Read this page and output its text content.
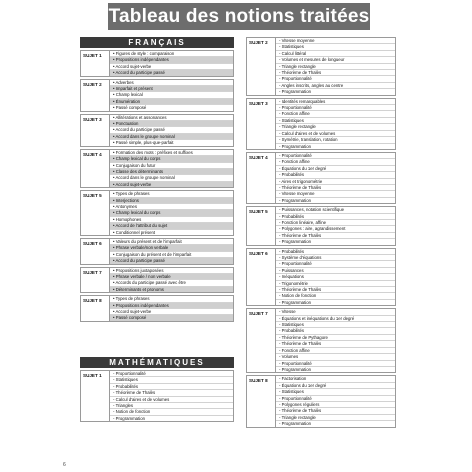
Tableau des notions traitées
FRANÇAIS
SUJET 1	• Figures de style : comparaison
• Propositions indépendantes
• Accord sujet-verbe
• Accord du participe passé
SUJET 2	• Adverbes
• Imparfait et présent
• Champ lexical
• Énumération
• Passé composé
SUJET 3	• Allitérations et assonances
• Ponctuation
• Accord du participe passé
• Accord dans le groupe nominal
• Passé simple, plus-que-parfait
SUJET 4	• Formation des mots : préfixes et suffixes
• Champ lexical du corps
• Conjugaison du futur
• Classe des déterminants
• Accord dans le groupe nominal
• Accord sujet-verbe
SUJET 5	• Types de phrases
• Interjections
• Antonymes
• Champ lexical du corps
• Homophones
• Accord de l'attribut du sujet
• Conditionnel présent
SUJET 6	• Valeurs du présent et de l'imparfait
• Phrase verbale/non verbale
• Conjugaison du présent et de l'imparfait
• Accord du participe passé
SUJET 7	• Propositions juxtaposées
• Phrase verbale / non verbale
• Accords du participe passé avec être
• Déterminants et pronoms
SUJET 8	• Types de phrases
• Propositions indépendantes
• Accord sujet-verbe
• Passé composé
MATHÉMATIQUES
SUJET 1	- Proportionnalité
- Statistiques
- Probabilités
- Théorème de Thalès
- Calcul d'aires et de volumes
- Triangles
- Notion de fonction
- Programmation
SUJET 2	- Vitesse moyenne
- Statistiques
- Calcul littéral
- Volumes et mesures de longueur
- Triangle rectangle
- Théorème de Thalès
- Proportionnalité
- Angles inscrits, angles au centre
- Programmation
SUJET 3	- Identités remarquables
- Proportionnalité
- Fonction affine
- Statistiques
- Triangle rectangle
- Calcul d'aires et de volumes
- Symétrie, translation, rotation
- Programmation
SUJET 4	- Proportionnalité
- Fonction affine
- Équations du 1er degré
- Probabilités
- Aires et trigonométrie
- Théorème de Thalès
- Vitesse moyenne
- Programmation
SUJET 5	- Puissances, notation scientifique
- Probabilités
- Fonction linéaire, affine
- Polygones : aire, agrandissement
- Théorème de Thalès
- Programmation
SUJET 6	- Probabilités
- Système d'équations
- Proportionnalité
- Puissances
- Inéquations
- Trigonométrie
- Théorème de Thalès
- Notion de fonction
- Programmation
SUJET 7	- Vitesse
- Équations et inéquations du 1er degré
- Statistiques
- Probabilités
- Théorème de Pythagore
- Théorème de Thalès
- Fonction affine
- Volumes
- Proportionnalité
- Programmation
SUJET 8	- Factorisation
- Équations du 1er degré
- Statistiques
- Proportionnalité
- Polygones réguliers
- Théorème de Thalès
- Triangle rectangle
- Programmation
6
